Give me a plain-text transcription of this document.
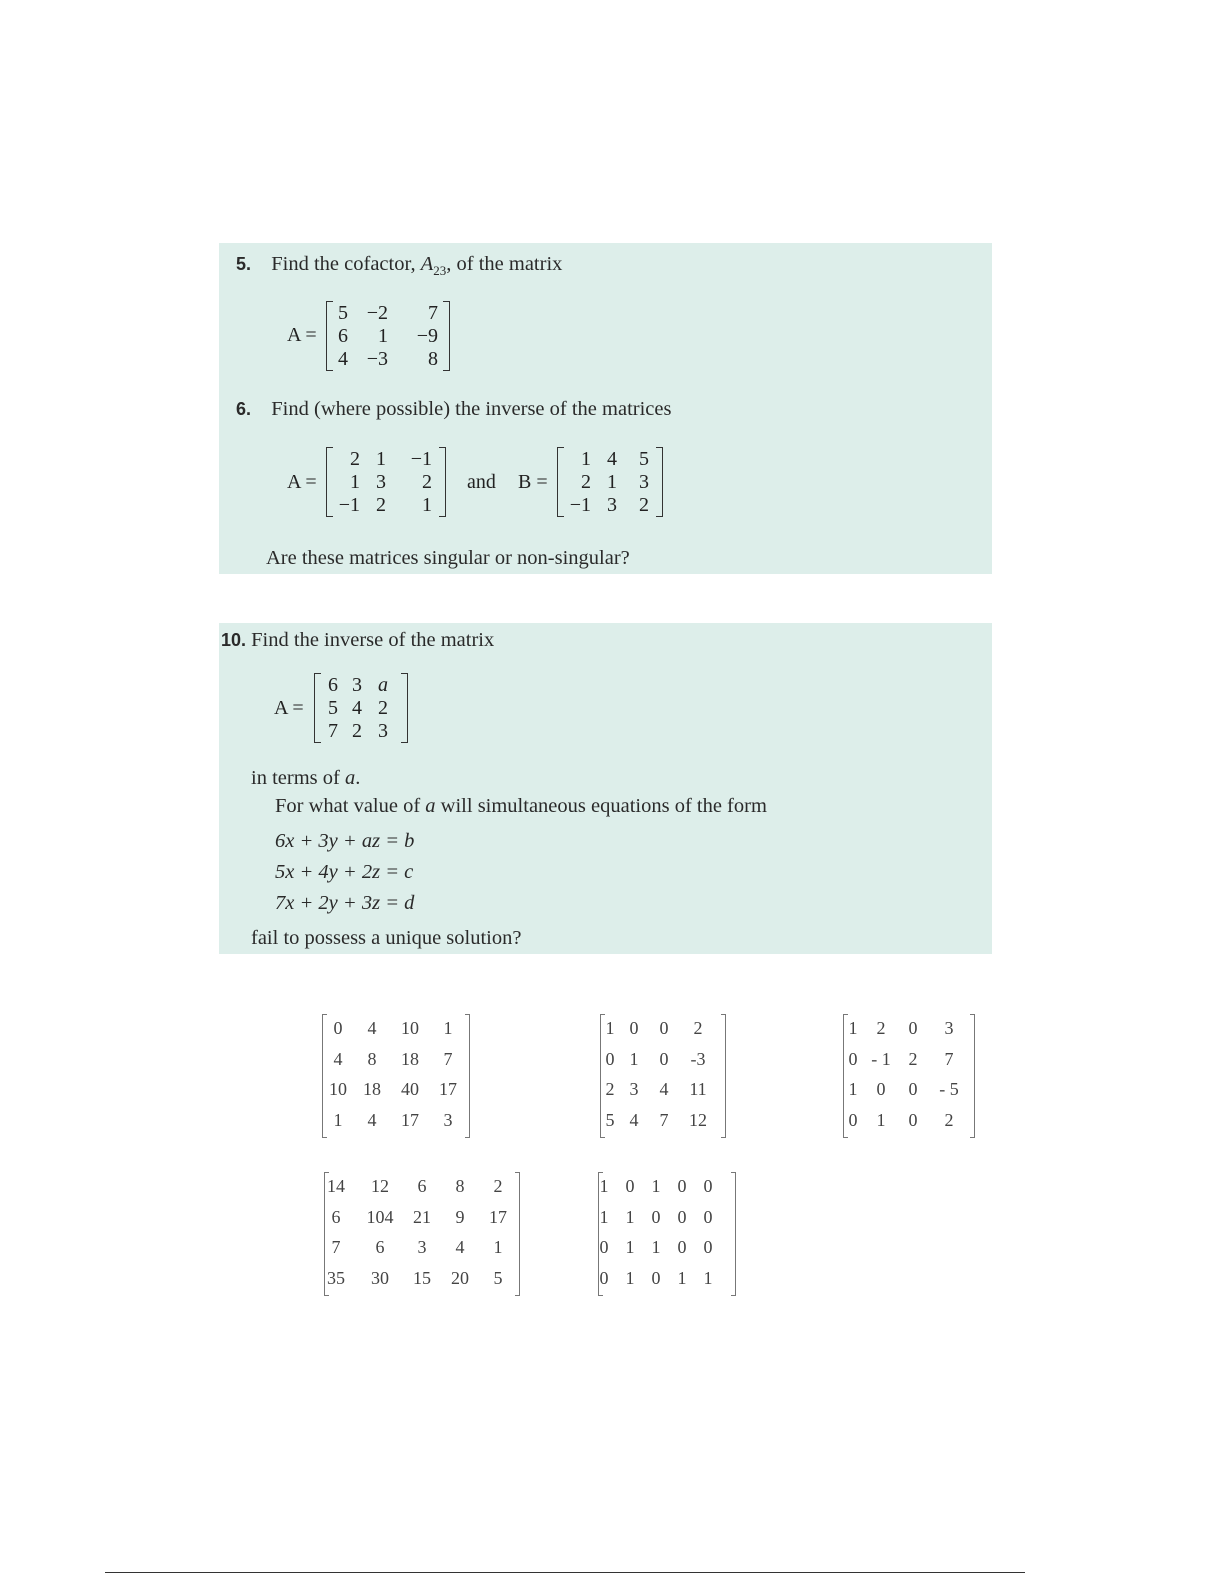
5. Find the cofactor, $A_{23}$, of the matrix
A =
5 −2	7
6	1	−9
4 −3	8
6. Find (where possible) the inverse of the matrices
A =
2 1	−1
1 3	2
−1 2	1
and B =
1 4	5
2 1	3
−1 3	2
Are these matrices singular or non-singular?
10. Find the inverse of the matrix
A =
6 3 a
5 4 2
7 2 3
in terms of a.
For what value of a will simultaneous equations of the form
6x + 3y + az = b
5x + 4y + 2z = c
7x + 2y + 3z = d
fail to possess a unique solution?
0	4	10	1
4	8	18	7
10 18	40	17
1	4	17	3
1 0	0	2
0 1	0	-3
2 3	4	11
5 4	7	12
1	2	0	3
0 - 1 2	7
1	0	0	- 5
0	1	0	2
14	12	6	8	2
6	104	21	9	17
7	6	3	4	1
35	30	15	20	5
1 0 1 0 0
1 1 0 0 0
0 1 1 0 0
0 1 0 1 1
